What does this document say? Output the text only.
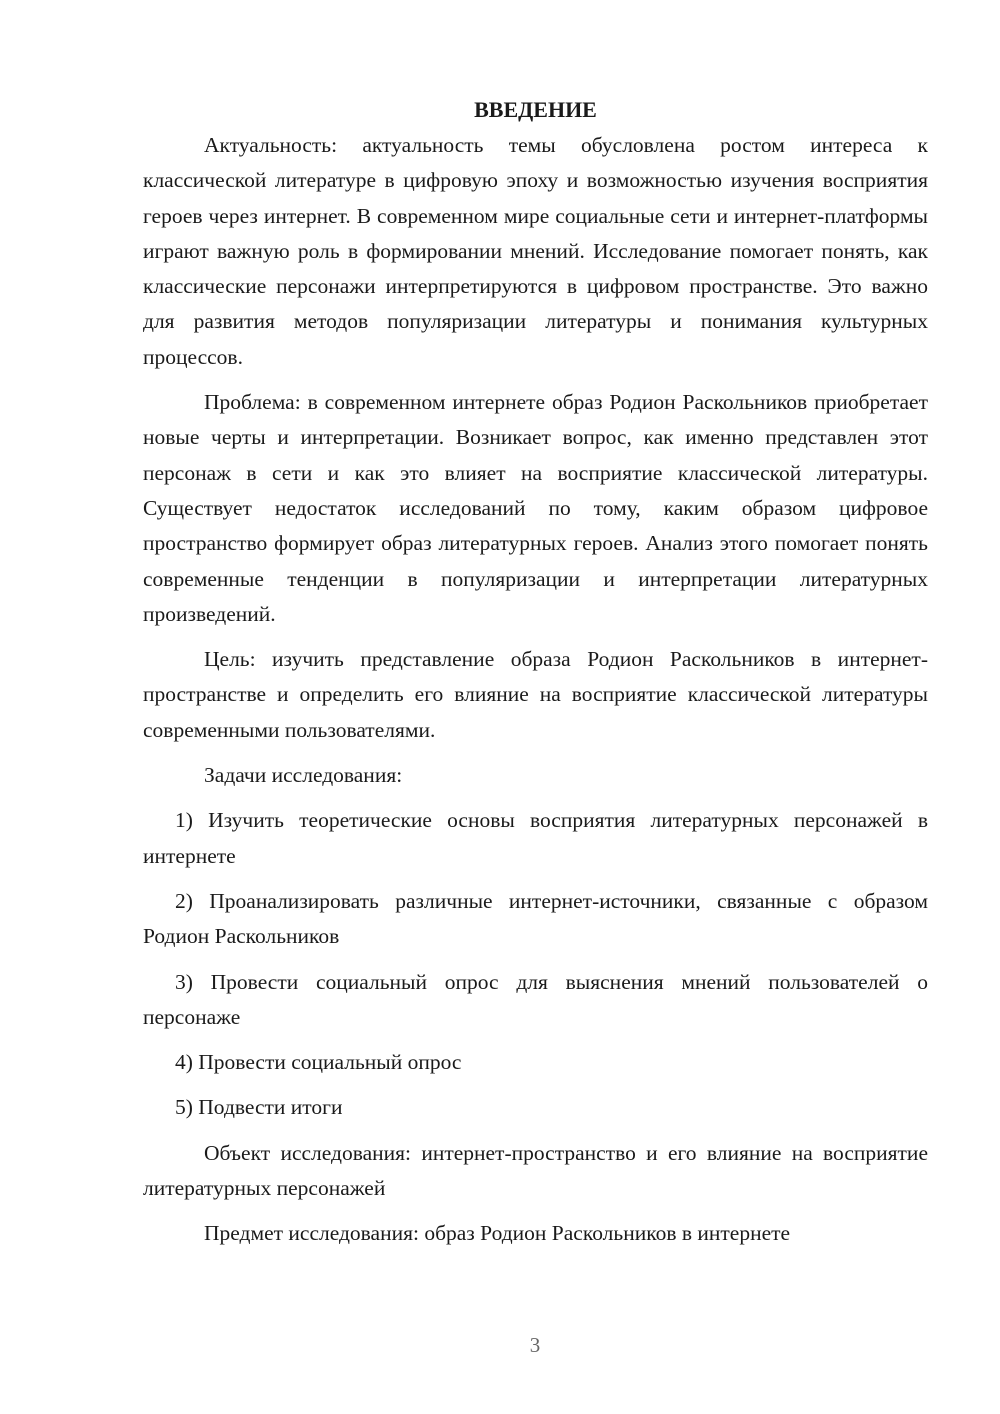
ВВЕДЕНИЕ

Актуальность: актуальность темы обусловлена ростом интереса к классической литературе в цифровую эпоху и возможностью изучения восприятия героев через интернет. В современном мире социальные сети и интернет-платформы играют важную роль в формировании мнений. Исследование помогает понять, как классические персонажи интерпретируются в цифровом пространстве. Это важно для развития методов популяризации литературы и понимания культурных процессов.

Проблема: в современном интернете образ Родион Раскольников приобретает новые черты и интерпретации. Возникает вопрос, как именно представлен этот персонаж в сети и как это влияет на восприятие классической литературы. Существует недостаток исследований по тому, каким образом цифровое пространство формирует образ литературных героев. Анализ этого помогает понять современные тенденции в популяризации и интерпретации литературных произведений.

Цель: изучить представление образа Родион Раскольников в интернет-пространстве и определить его влияние на восприятие классической литературы современными пользователями.

Задачи исследования:

1) Изучить теоретические основы восприятия литературных персонажей в интернете

2) Проанализировать различные интернет-источники, связанные с образом Родион Раскольников

3) Провести социальный опрос для выяснения мнений пользователей о персонаже

4) Провести социальный опрос

5) Подвести итоги

Объект исследования: интернет-пространство и его влияние на восприятие литературных персонажей

Предмет исследования: образ Родион Раскольников в интернете

3
